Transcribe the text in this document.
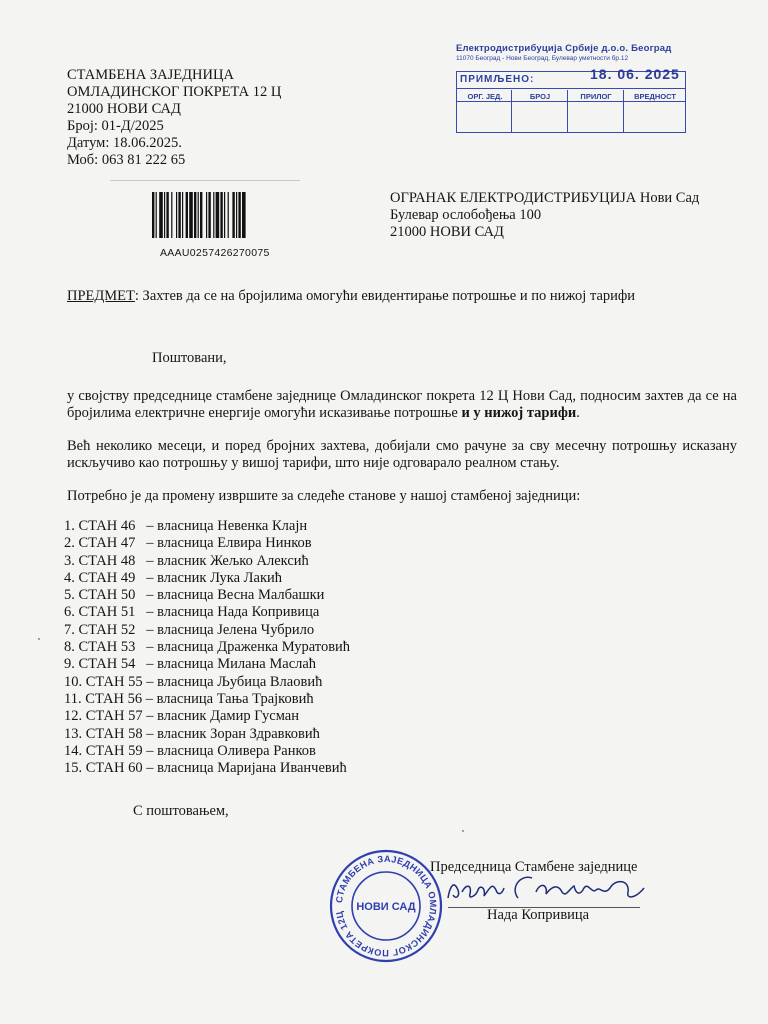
СТАМБЕНА ЗАЈЕДНИЦА
ОМЛАДИНСКОГ ПОКРЕТА 12 Ц
21000 НОВИ САД
Број: 01-Д/2025
Датум: 18.06.2025.
Моб: 063 81 222 65
Електродистрибуција Србије д.о.о. Београд
11070 Београд - Нови Београд, Булевар уметности бр.12
ПРИМЉЕНО:	18. 06. 2025
ОРГ. ЈЕД.	БРОЈ	ПРИЛОГ	ВРЕДНОСТ
AAAU0257426270075
ОГРАНАК ЕЛЕКТРОДИСТРИБУЦИЈА Нови Сад
Булевар ослобођења 100
21000 НОВИ САД
ПРЕДМЕТ: Захтев да се на бројилима омогући евидентирање потрошње и по нижој тарифи
Поштовани,
у својству председнице стамбене заједнице Омладинског покрета 12 Ц Нови Сад, подносим захтев да се на бројилима електричне енергије омогући исказивање потрошње и у нижој тарифи.
Већ неколико месеци, и поред бројних захтева, добијали смо рачуне за сву месечну потрошњу исказану искључиво као потрошњу у вишој тарифи, што није одговарало реалном стању.
Потребно је да промену извршите за следеће станове у нашој стамбеној заједници:
1. СТАН 46   – власница Невенка Клајн
2. СТАН 47   – власница Елвира Нинков
3. СТАН 48   – власник Жељко Алексић
4. СТАН 49   – власник Лука Лакић
5. СТАН 50   – власница Весна Малбашки
6. СТАН 51   – власница Нада Копривица
7. СТАН 52   – власница Јелена Чубрило
8. СТАН 53   – власница Драженка Муратовић
9. СТАН 54   – власница Милана Маслаћ
10. СТАН 55 – власница Љубица Влаовић
11. СТАН 56 – власница Тања Трајковић
12. СТАН 57 – власник Дамир Гусман
13. СТАН 58 – власник Зоран Здравковић
14. СТАН 59 – власница Оливера Ранков
15. СТАН 60 – власница Маријана Иванчевић
С поштовањем,
СТАМБЕНА ЗАЈЕДНИЦА ОМЛАДИНСКОГ ПОКРЕТА 12Ц
НОВИ САД
Председница Стамбене заједнице
Нада Копривица
